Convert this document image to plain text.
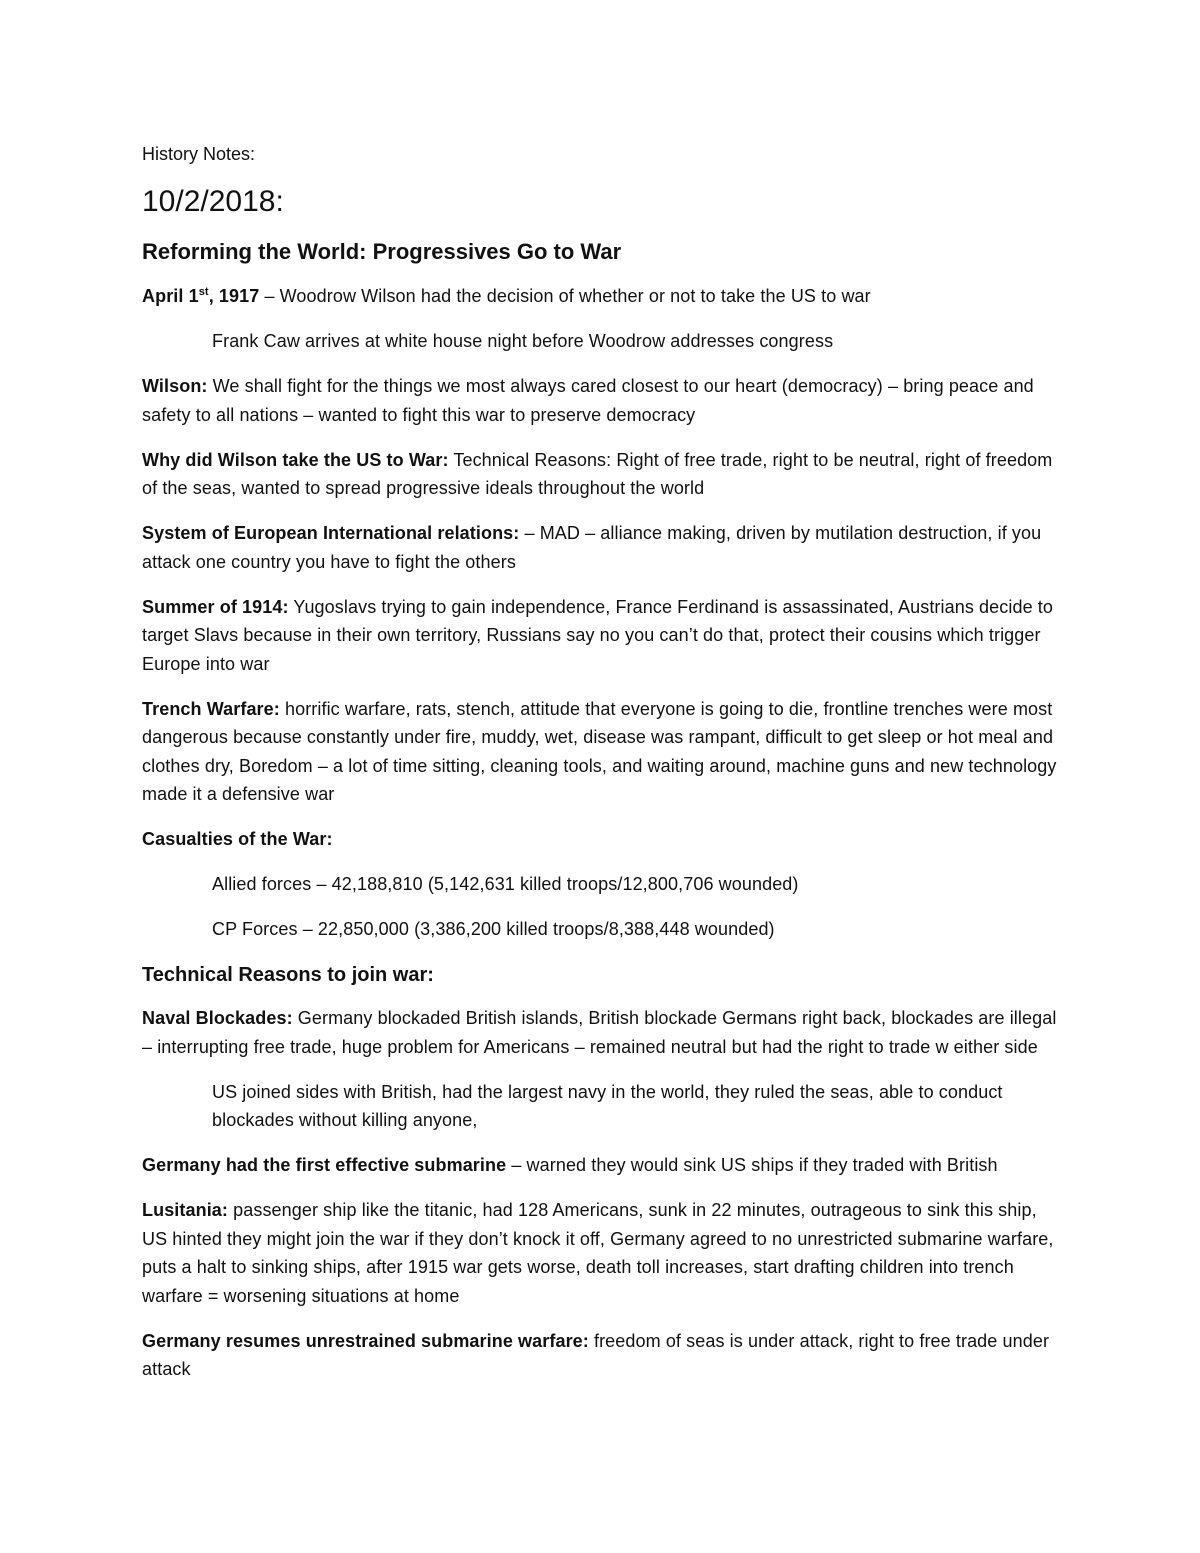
History Notes:

10/2/2018:
Reforming the World: Progressives Go to War

April 1st, 1917 – Woodrow Wilson had the decision of whether or not to take the US to war

Frank Caw arrives at white house night before Woodrow addresses congress

Wilson: We shall fight for the things we most always cared closest to our heart (democracy) – bring peace and safety to all nations – wanted to fight this war to preserve democracy

Why did Wilson take the US to War: Technical Reasons: Right of free trade, right to be neutral, right of freedom of the seas, wanted to spread progressive ideals throughout the world

System of European International relations: – MAD – alliance making, driven by mutilation destruction, if you attack one country you have to fight the others

Summer of 1914: Yugoslavs trying to gain independence, France Ferdinand is assassinated, Austrians decide to target Slavs because in their own territory, Russians say no you can’t do that, protect their cousins which trigger Europe into war

Trench Warfare: horrific warfare, rats, stench, attitude that everyone is going to die, frontline trenches were most dangerous because constantly under fire, muddy, wet, disease was rampant, difficult to get sleep or hot meal and clothes dry, Boredom – a lot of time sitting, cleaning tools, and waiting around, machine guns and new technology made it a defensive war

Casualties of the War:

Allied forces – 42,188,810 (5,142,631 killed troops/12,800,706 wounded)

CP Forces – 22,850,000 (3,386,200 killed troops/8,388,448 wounded)

Technical Reasons to join war:

Naval Blockades: Germany blockaded British islands, British blockade Germans right back, blockades are illegal – interrupting free trade, huge problem for Americans – remained neutral but had the right to trade w either side

US joined sides with British, had the largest navy in the world, they ruled the seas, able to conduct blockades without killing anyone,

Germany had the first effective submarine – warned they would sink US ships if they traded with British

Lusitania: passenger ship like the titanic, had 128 Americans, sunk in 22 minutes, outrageous to sink this ship, US hinted they might join the war if they don’t knock it off, Germany agreed to no unrestricted submarine warfare, puts a halt to sinking ships, after 1915 war gets worse, death toll increases, start drafting children into trench warfare = worsening situations at home

Germany resumes unrestrained submarine warfare: freedom of seas is under attack, right to free trade under attack
